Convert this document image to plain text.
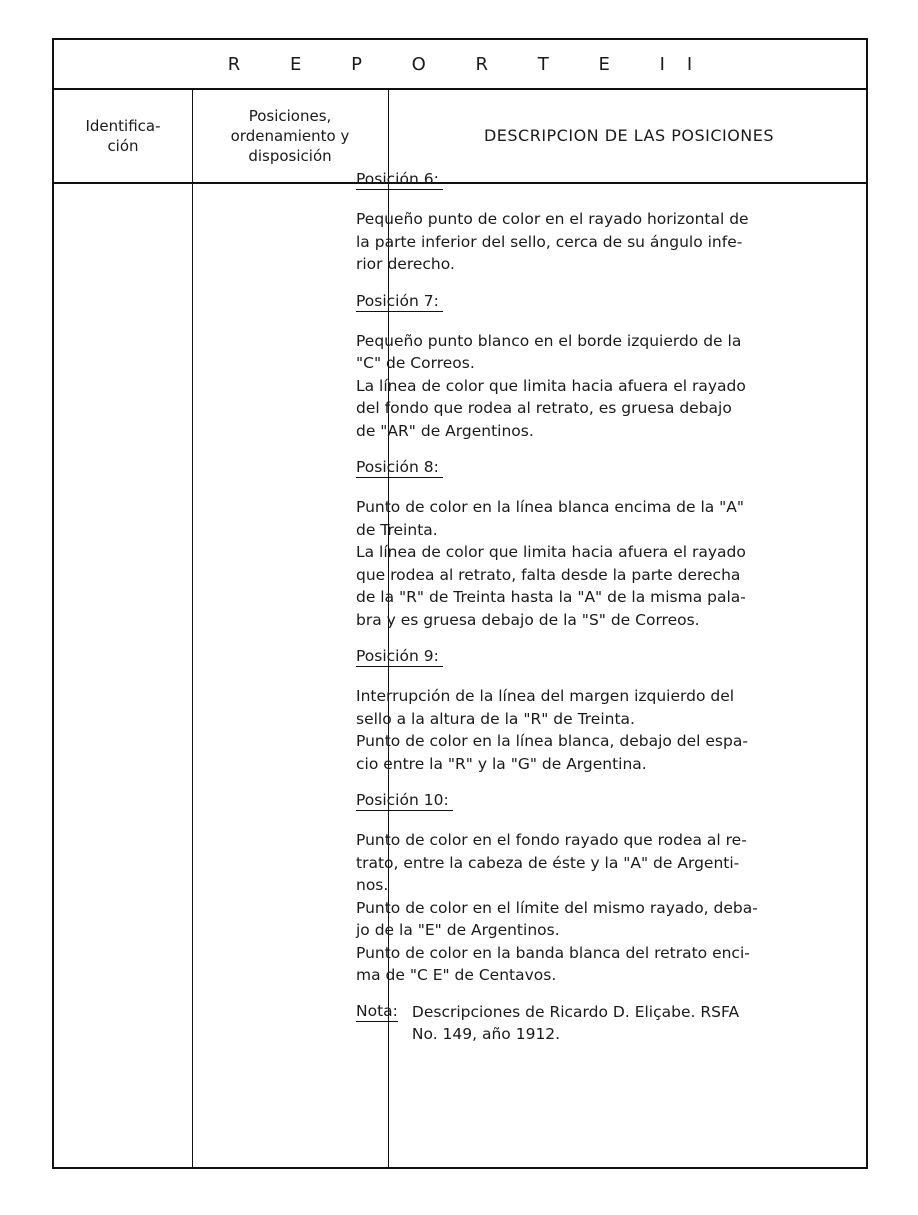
R E P O R T E II
Identifica-
ción
Posiciones,
ordenamiento y
disposición
DESCRIPCION DE LAS POSICIONES
Posición 6:
Pequeño punto de color en el rayado horizontal de
la parte inferior del sello, cerca de su ángulo infe-
rior derecho.
Posición 7:
Pequeño punto blanco en el borde izquierdo de la
"C" de Correos.
La línea de color que limita hacia afuera el rayado
del fondo que rodea al retrato, es gruesa debajo
de "AR" de Argentinos.
Posición 8:
Punto de color en la línea blanca encima de la "A"
de Treinta.
La línea de color que limita hacia afuera el rayado
que rodea al retrato, falta desde la parte derecha
de la "R" de Treinta hasta la "A" de la misma pala-
bra y es gruesa debajo de la "S" de Correos.
Posición 9:
Interrupción de la línea del margen izquierdo del
sello a la altura de la "R" de Treinta.
Punto de color en la línea blanca, debajo del espa-
cio entre la "R" y la "G" de Argentina.
Posición 10:
Punto de color en el fondo rayado que rodea al re-
trato, entre la cabeza de éste y la "A" de Argenti-
nos.
Punto de color en el límite del mismo rayado, deba-
jo de la "E" de Argentinos.
Punto de color en la banda blanca del retrato enci-
ma de "C E" de Centavos.
Nota: Descripciones de Ricardo D. Eliçabe. RSFA
No. 149, año 1912.
